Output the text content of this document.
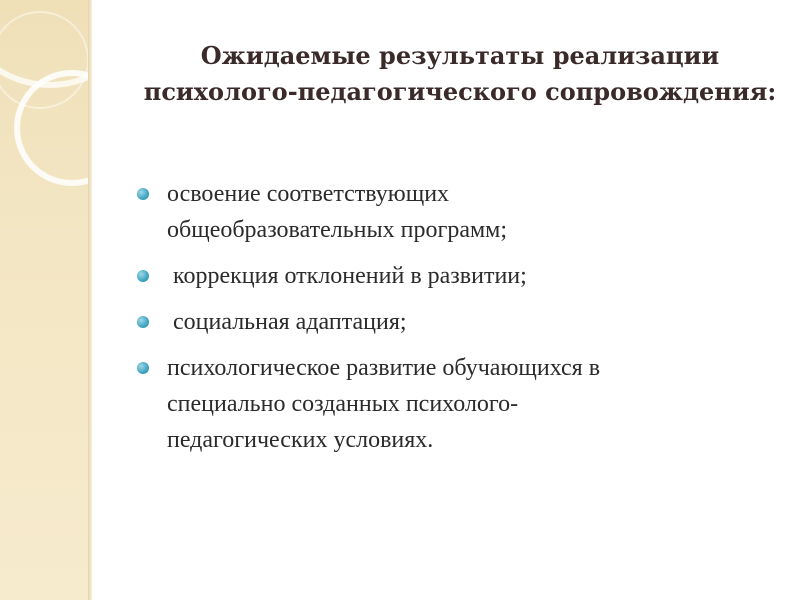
Ожидаемые результаты реализации
психолого-педагогического сопровождения:
освоение соответствующих
общеобразовательных программ;
коррекция отклонений в развитии;
социальная адаптация;
психологическое развитие обучающихся в
специально созданных психолого-
педагогических условиях.
